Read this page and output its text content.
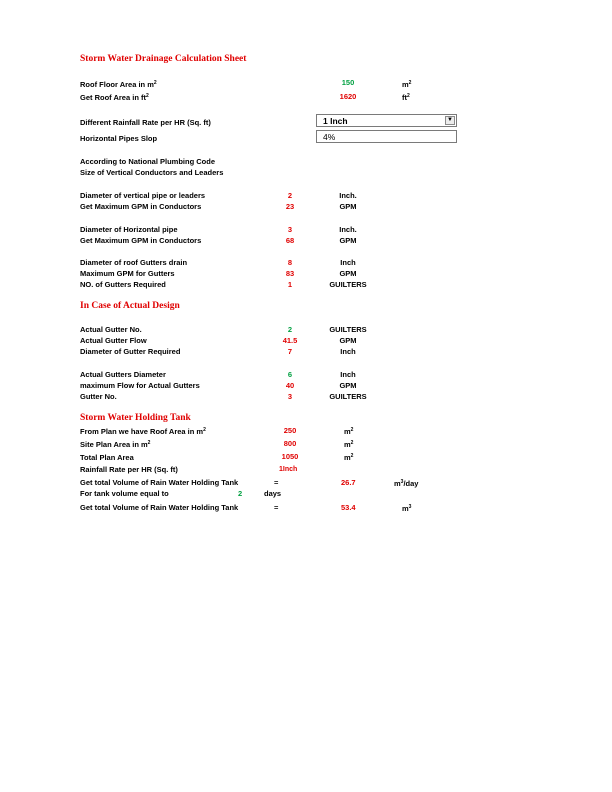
Storm Water Drainage Calculation Sheet
Roof Floor Area in $m^2$	150	$m^2$
Get Roof Area in $ft^2$	1620	$ft^2$
Different Rainfall Rate per HR (Sq. ft)	1 Inch	▼
Horizontal Pipes Slop	4%
According to National Plumbing Code
Size of Vertical Conductors and Leaders
Diameter of vertical pipe or leaders	2	Inch.
Get Maximum GPM in Conductors	23	GPM
Diameter of Horizontal pipe	3	Inch.
Get Maximum GPM in Conductors	68	GPM
Diameter of roof Gutters drain	8	Inch
Maximum GPM for Gutters	83	GPM
NO. of Gutters Required	1	GUILTERS
In Case of Actual Design
Actual Gutter No.	2	GUILTERS
Actual Gutter Flow	41.5	GPM
Diameter of Gutter Required	7	Inch
Actual Gutters Diameter	6	Inch
maximum Flow for Actual Gutters	40	GPM
Gutter No.	3	GUILTERS
Storm Water Holding Tank
From Plan we have Roof Area in $m^2$	250	$m^2$
Site Plan Area in $m^2$	800	$m^2$
Total Plan Area	1050	$m^2$
Rainfall Rate per HR (Sq. ft)	1Inch
Get total Volume of Rain Water Holding Tank	=	26.7	$m^3$/day
For tank volume equal to	2	days
Get total Volume of Rain Water Holding Tank	=	53.4	$m^3$
